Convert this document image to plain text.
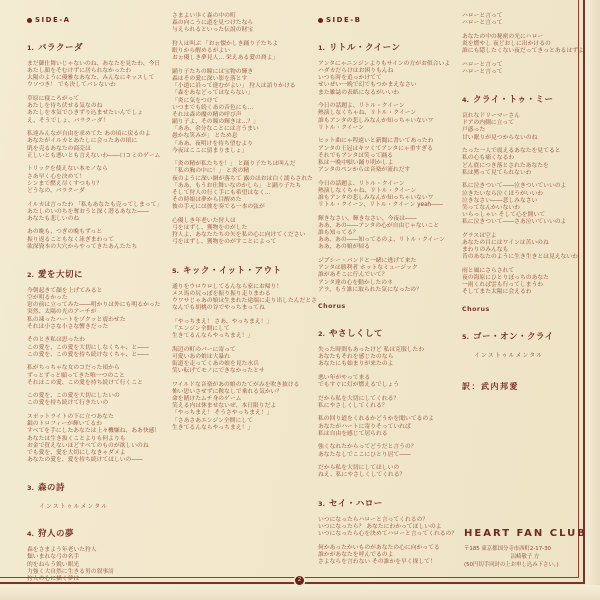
SIDE-A
1. バラクーダ
まだ御仕舞いじゃないのね、あなたを見たわ、今日
あたし顔をそむけずに居られなかったわ
太陽のように優雅なあなた、みんなにキッスして
ウソつき！ でも決してバレないわ
草原に寝ころがって
あたしを待ち伏せる気なのね
あたしを本気でひきずり込ませたいんでしょ
え、そうでしょ、バラクーダ！
私達みんなが自由を求めてた あの頃に戻るのよ
あなたがイルカとあたしに会ったあの頃に
肌を売るあなたの商売は
正しいとも悪いとも言えないわ――口コミのゲーム
トリックを使えない本モノなら
さあ早く心を決めて！
シンまで燃え尽くすつもり？
どうなの、バラクーダ
イルカは言ったわ 「私もあなたも売ってしまって」
あたしのいのちを奪おうと深く潜るあなた――
あなたも悲しいのね
あの晩も、つぎの晩もずっと
振り返ることもなく泳ぎまわって
欲深資本の大穴からやってきたあんたたち
2. 愛を大切に
今朝起きて顔を上げてみると
空が明るかった
窓の前に立ってみた――明かりは外にも明るかった
突然、太陽の光のアーチが
私の凍ったハートをゾクッと震わせた
それは小さな小さな響きだった
そのとき私は思ったわ
この愛を、この愛を大切にしなくちゃ、と――
この愛を、この愛を持ち続けなくちゃ、と――
私がちっちゃな女のコだった頃から
ずっとずっと願ってきた唯一つのこと
それはこの愛、この愛を持ち続けて行くこと
この愛を、この愛を大切にしたいの
この愛を持ち続けて行きたいの
スポットライトの下に立つあなた
銀のトロフィーが輝いてるわ
すべてを手にしたあなたは上々機嫌ね、ああ快感！
あなたは生き抜くことよりも何よりも
お金で買えないほどすべてのものが欲しいのね
でも愛を、愛を大切にしなきゃダメよ
あなたの愛を、愛を持ち続けてほしいの――
3. 森の詩
インストゥルメンタル
4. 狩人の夢
森をさまよう年老いた狩人
類いまれな弓の名手
的をねらう鋭い眼光
力強く大自然に生きる男の叙事詩
狩人の心に描く夢は
さまよい歩く森の中の町
森の向こうに道を見つけたなら
与えられるといった伝説の財宝
狩人は叫ぶ 「おぉ懐かしき踊り子たちよ
眠りから醒めるがよい
おぉ優しき夢見人… 栄えある愛の裔よ」
踊り子たちの瞳には宝物の輝き
森はその愛に深い影を落とす
「小道に沿って進むがよい」 狩人は語りかける
「森をあなどってはならない」
「炎に気をつけて
いつまでも続くあの音色にも…
それは森の魔の精の呼び声
踊り子よ、その瞳の輝きは…？」
「ああ、余分なことには言うまい
愚かな笑みが」 とため息
「ああ、夜明けを待ち望むより
今夜はここに留まりましょ」
「炎の精が私たちを！」 と踊り子たちは叫んだ
「私の胸の中に！」 と炎の精
夜のように深い網が落ちて 露のほおは白く濡らされた
「ああ、もうお仕舞いなのかしら」 と踊り子たち
そして狩人の行く手にも希望はなく…
その時娘は夢から目醒めた
彼の手元には彼を奏でる一本の弦が
心優しき年老いた狩人は
弓をはずし、獲物をのがした
狩人よ、あなたたちの矢を私の心に向けてください
弓をはずし、獲物をのがすことによって
5. キック・イット・アウト
通りをウロウロしてるんなら家にお帰り！
メス馬の尻っぽを振り振り走りまわる
ウワサじゃあの娘は生まれた途端に走り出したんだとさ
なんでも胡桃の谷でやっちまってね
「やっちまえ！ さあ、やっちまえ！」
「エンジン全開にして
生きてるんならやっちまえ！」
海辺の町のバーに寄って
可愛いあの娘は大暴れ
街道を走ってくあの娘を見た水兵
笑い転げてモノにできなかったとサ
ワイルドな音楽があの娘のたてがみを吹き抜ける
怖い思いさせずに鞍なしで乗れる気かい？
命を賭けたムチ身のゲーム
笑える内は休ませないぜ、本日限りだよ
「やっちまえ！ そうさやっちまえ！」
「さあさあエンジン全開にして
生きてるんならやっちまえ！」
SIDE-B
1. リトル・クイーン
アンタにゃニンジンよりもサインの方がお似合いよ
ハダカだらけはお困りもんね
いつも時を追っかけてて
せいぜい一晩で幻でもつかまえなさい
また雑誌の表紙になるがいいわ
今日の話題よ、リトル・クイーン
熱演しなくちゃね、リトル・クイーン
誰もアンタの悲しみなんか知っちゃいないワ
リトル・クイーン
ヒット曲にゃ程遠いと新聞に書いてあったわ
アンタの王冠はキツくてアンタにゃ重すぎる
それでもアンタは笑って踊る
私は一晩中唄い踊り明かしよ
アンタのペンからは音楽が流れだす
今日の話題よ、リトル・クイーン
熱演しなくちゃね、リトル・クイーン
誰もアンタの悲しみなんか知っちゃいないワ
リトル・クイーン、リトル・クイーン yeah――
輝きなさい、輝きなさい、今夜は――
ああ、あの――アンタの心が自由じゃないこと
誰も知ってる？
ああ、あの――知ってるのよ、リトル・クイーン
ああ、あの娘が帰る
ジプシー・バンドと一緒に逃げて来た
アンタは勝利者 ホットなミュージック
誰があそこに佇んでいて？
アンタ達の心を動かしたのネ
アラ、もう誰に取られた気になったの？
Chorus
2. やさしくして
失った時間もあったけど 私は克服したわ
あなたもそれを感じたのなら
あなたにも始まりが来たのよ
悪い年がやって来る
でもすぐに灯が燃えるでしょう
だから私を大切にしてくれる？
私にやさしくしてくれる？
私の回り道をくれるかどうかを聞いてるのよ
あなたがハートに寄りそっていれば
私は自由を感じて居られる
強くなれたからってどうだと言うの？
あなたなしでここにひとり居て――
だから私を大切にしてほしいの
ねえ、私にやさしくしてくれる？
3. セイ・ハロー
いつになったらハローと言ってくれるの？
いつになったら？ あなたにわかってほしいのよ
いつになったら心を決めてハローと言ってくれるの？
何かあったかいものがあなたの心に向かってる
誰かがあなたを呼んでるのよ
さよならを言わない その誰かを早く探して！
ハローと言って
ハローと言って
あなたの中の秘密の光にハロー
炎を燃やし 夜どおしに出かけるの
誰にも隠したくない夜だってきっとあるはずよ
ハローと言って
ハローと言って
4. クライ・トゥ・ミー
哀れなドリーマーさん
ドアの内側に立って
戸惑った
甘い眠りが見つからないのね
たった一人で震えるあなたを見てると
私の心も痛くなるわ
どん底につき落とされたあなたを
私は黙って見てられないわ
私に泣きついて――泣きついていいのよ
泣きたいなら泣くほうがいいわ
泣きなさい――悲しみなさい
笑ってなんかいないわ
いらっしゃい そして心を開いて
私に泣きついて――さあ泣いていいのよ
グラスは空よ
あなたの目にはワインは苦いのね
まわりのみんなも
昔のあなたのように生き生きとは見えないわ
雨と風にさらされて
夜の海原にひとりぼっちのあなた
一雨くれば雲も行ってしまうわ
そしてまた太陽に会えるわ
Chorus
5. ゴー・オン・クライ
インストゥルメンタル
訳：武内邦愛
HEART FAN CLUB
〒185 東京都国分寺市西町2-17-30
沼崎敬子 方
(50円切手同封の上お申し込み下さい。)
2
